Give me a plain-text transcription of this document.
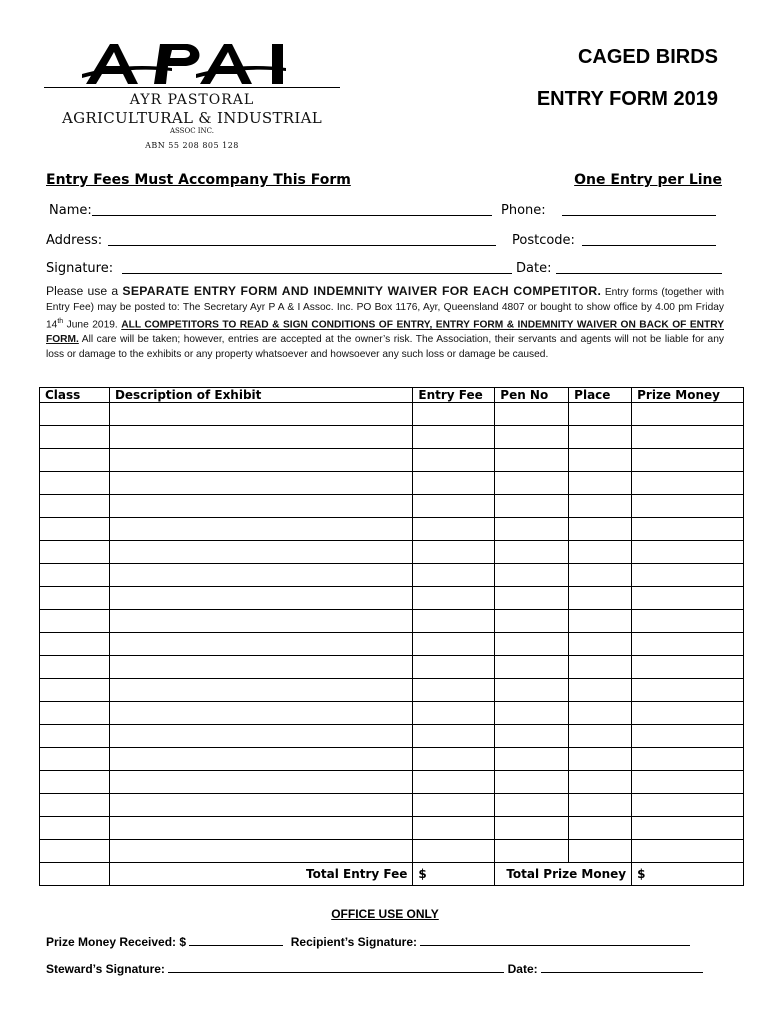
AYR PASTORAL
AGRICULTURAL & INDUSTRIAL
ASSOC INC.
ABN 55 208 805 128
CAGED BIRDS
ENTRY FORM 2019
Entry Fees Must Accompany This Form	One Entry per Line
Name:	Phone:
Address:	Postcode:
Signature:	Date:
Please use a SEPARATE ENTRY FORM AND INDEMNITY WAIVER FOR EACH COMPETITOR. Entry forms (together with Entry Fee) may be posted to: The Secretary Ayr P A & I Assoc. Inc. PO Box 1176, Ayr, Queensland 4807 or bought to show office by 4.00 pm Friday 14th June 2019. ALL COMPETITORS TO READ & SIGN CONDITIONS OF ENTRY, ENTRY FORM & INDEMNITY WAIVER ON BACK OF ENTRY FORM. All care will be taken; however, entries are accepted at the owner’s risk. The Association, their servants and agents will not be liable for any loss or damage to the exhibits or any property whatsoever and howsoever any such loss or damage be caused.
Class	Description of Exhibit	Entry Fee	Pen No	Place	Prize Money

	Total Entry Fee	$	Total Prize Money		$
OFFICE USE ONLY
Prize Money Received: $	Recipient’s Signature:
Steward’s Signature:	Date:
